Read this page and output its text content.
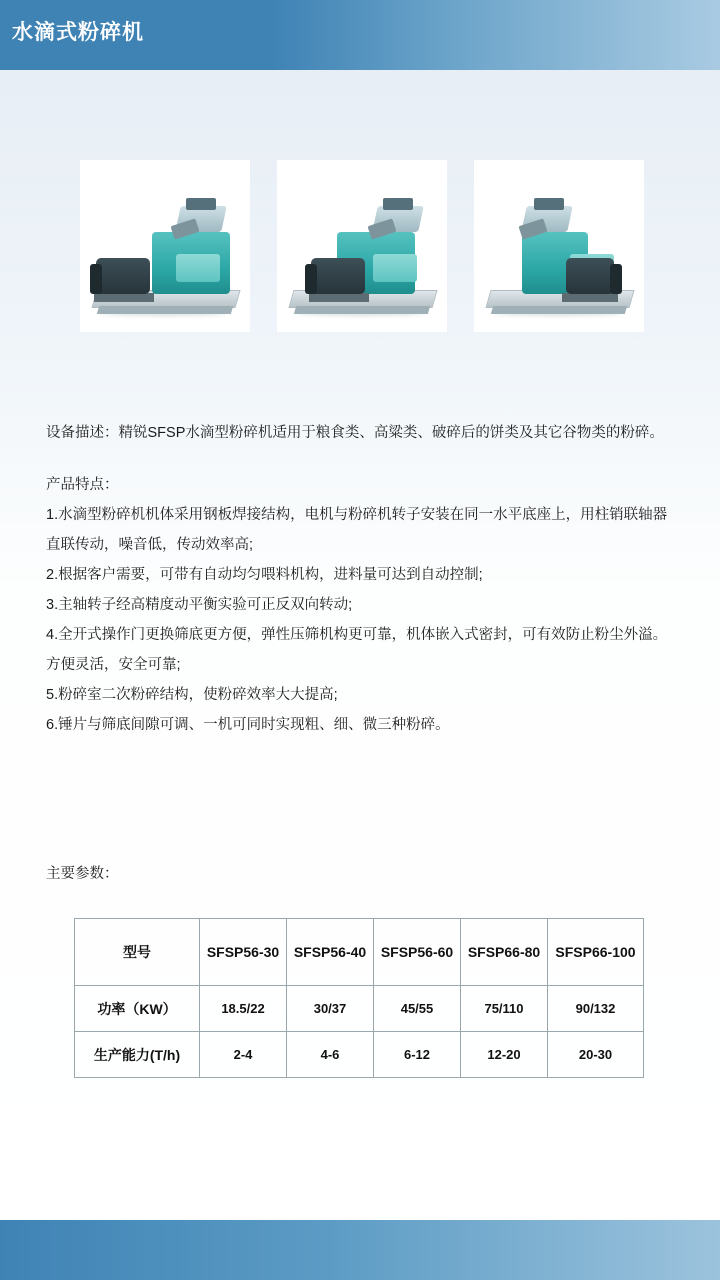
水滴式粉碎机

设备描述：精锐SFSP水滴型粉碎机适用于粮食类、高粱类、破碎后的饼类及其它谷物类的粉碎。

产品特点：

1.水滴型粉碎机机体采用钢板焊接结构，电机与粉碎机转子安装在同一水平底座上，用柱销联轴器直联传动，噪音低，传动效率高;

2.根据客户需要，可带有自动均匀喂料机构，进料量可达到自动控制;

3.主轴转子经高精度动平衡实验可正反双向转动;

4.全开式操作门更换筛底更方便，弹性压筛机构更可靠，机体嵌入式密封，可有效防止粉尘外溢。方便灵活，安全可靠;

5.粉碎室二次粉碎结构，使粉碎效率大大提高;

6.锤片与筛底间隙可调、一机可同时实现粗、细、微三种粉碎。

主要参数：
型号	SFSP56-30	SFSP56-40	SFSP56-60	SFSP66-80	SFSP66-100
功率（KW）	18.5/22	30/37	45/55	75/110	90/132
生产能力(T/h)	2-4	4-6	6-12	12-20	20-30
